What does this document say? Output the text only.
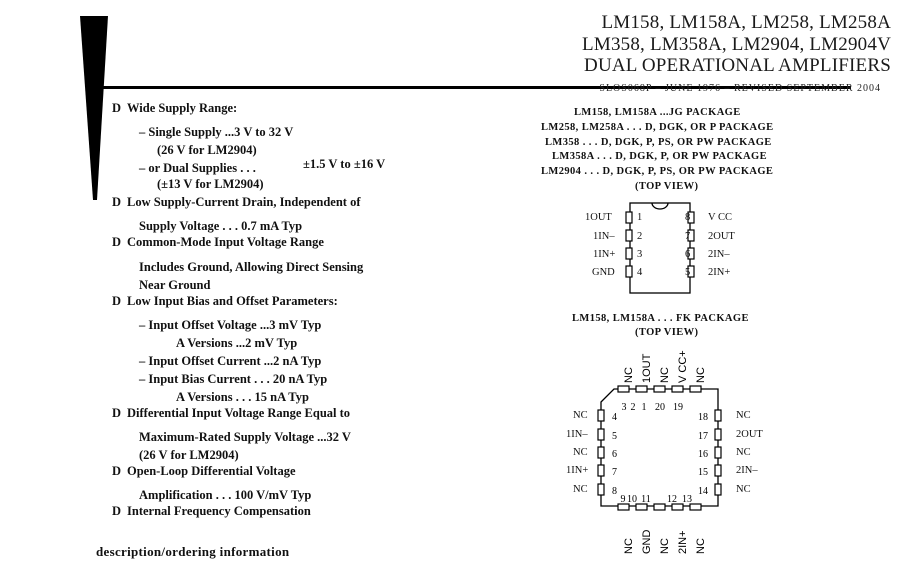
LM158, LM158A, LM258, LM258A
LM358, LM358A, LM2904, LM2904V
DUAL OPERATIONAL AMPLIFIERS
SLOS068P – JUNE 1976 – REVISED SEPTEMBER 2004
D Wide Supply Range:
– Single Supply ...3 V to 32 V
(26 V for LM2904)
– or Dual Supplies . . .	±1.5 V to ±16 V
(±13 V for LM2904)
D Low Supply-Current Drain, Independent of
Supply Voltage . . . 0.7 mA Typ
D Common-Mode Input Voltage Range
Includes Ground, Allowing Direct Sensing
Near Ground
D Low Input Bias and Offset Parameters:
– Input Offset Voltage ...3 mV Typ
A Versions ...2 mV Typ
– Input Offset Current ...2 nA Typ
– Input Bias Current . . . 20 nA Typ
A Versions . . . 15 nA Typ
D Differential Input Voltage Range Equal to
Maximum-Rated Supply Voltage ...32 V
(26 V for LM2904)
D Open-Loop Differential Voltage
Amplification . . . 100 V/mV Typ
D Internal Frequency Compensation
description/ordering information
LM158, LM158A ...JG PACKAGE
LM258, LM258A . . . D, DGK, OR P PACKAGE
LM358 . . . D, DGK, P, PS, OR PW PACKAGE
LM358A . . . D, DGK, P, OR PW PACKAGE
LM2904 . . . D, DGK, P, PS, OR PW PACKAGE
(TOP VIEW)
1OUT 1
1IN– 2
1IN+ 3
GND 4
8 V CC
7 2OUT
6 2IN–
5 2IN+
LM158, LM158A . . . FK PACKAGE
(TOP VIEW)
3 2 1 20 19
4
5
6
7
8
18
17
16
15
14
9 10 11 12 13
NC 1OUT NC V CC+ NC
NC GND NC 2IN+ NC
NC
1IN–
NC
1IN+
NC
NC
2OUT
NC
2IN–
NC
